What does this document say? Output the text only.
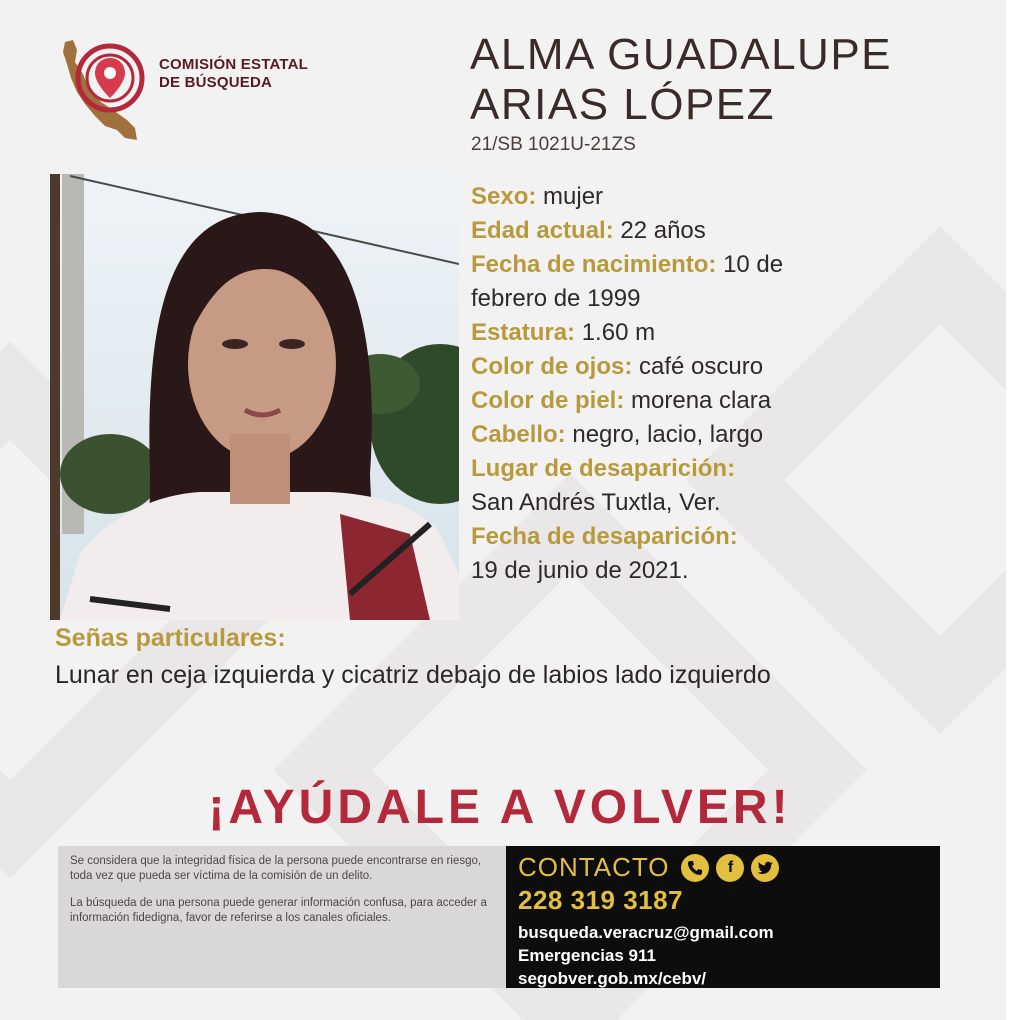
COMISIÓN ESTATAL
DE BÚSQUEDA
ALMA GUADALUPE
ARIAS LÓPEZ
21/SB 1021U-21ZS
Sexo: mujer
Edad actual: 22 años
Fecha de nacimiento: 10 de
febrero de 1999
Estatura: 1.60 m
Color de ojos: café oscuro
Color de piel: morena clara
Cabello: negro, lacio, largo
Lugar de desaparición:
San Andrés Tuxtla, Ver.
Fecha de desaparición:
19 de junio de 2021.
Señas particulares:
Lunar en ceja izquierda y cicatriz debajo de labios lado izquierdo
¡AYÚDALE A VOLVER!

Se considera que la integridad física de la persona puede encontrarse en riesgo, toda vez que pueda ser víctima de la comisión de un delito.

La búsqueda de una persona puede generar información confusa, para acceder a información fidedigna, favor de referirse a los canales oficiales.

CONTACTO	f
228 319 3187
busqueda.veracruz@gmail.com
Emergencias 911
segobver.gob.mx/cebv/
